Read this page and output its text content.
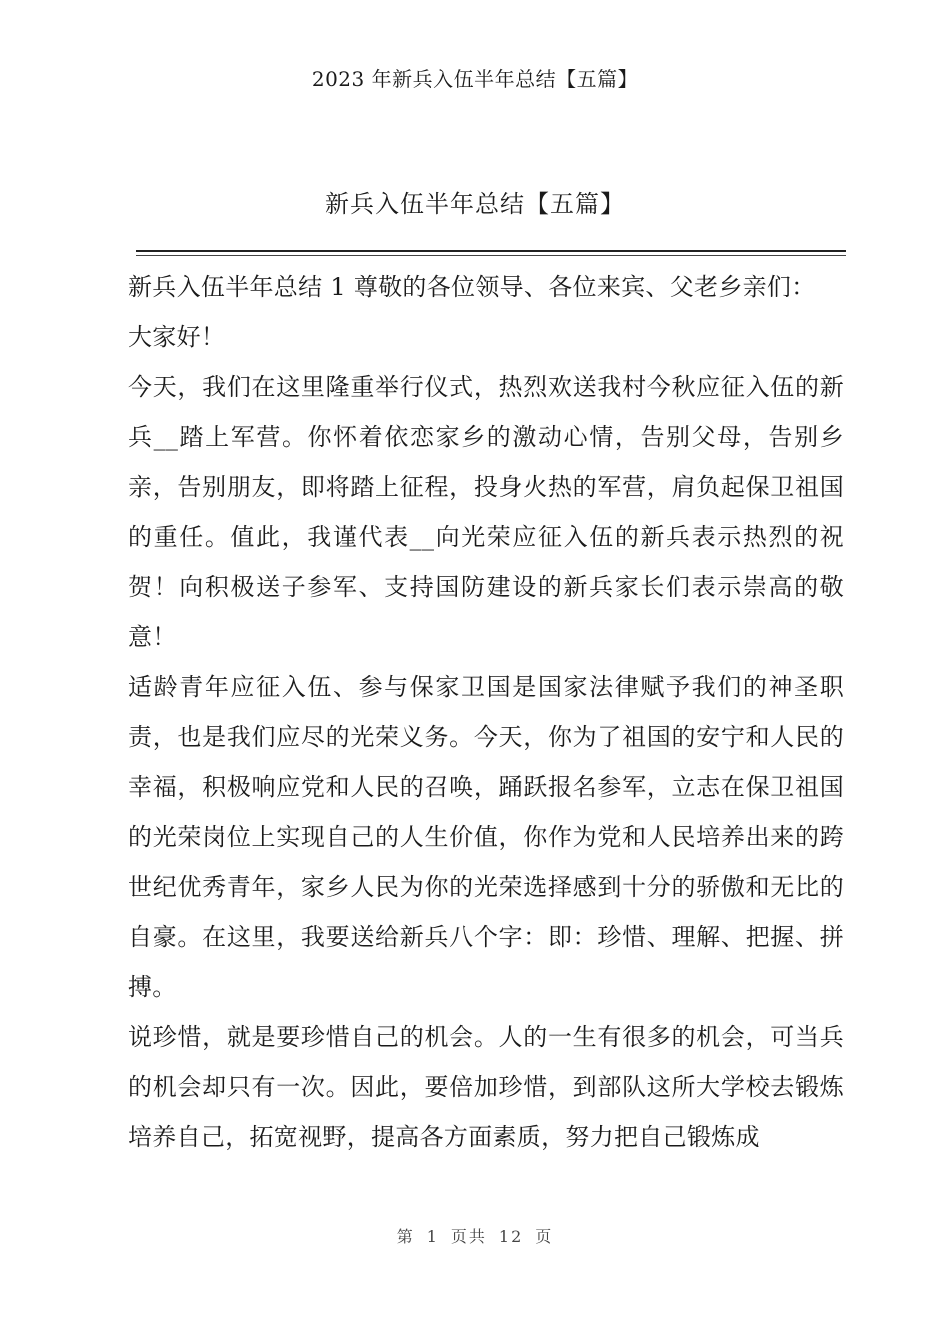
2023 年新兵入伍半年总结【五篇】
新兵入伍半年总结【五篇】

新兵入伍半年总结 1 尊敬的各位领导、各位来宾、父老乡亲们：

大家好！

今天，我们在这里隆重举行仪式，热烈欢送我村今秋应征入伍的新兵__踏上军营。你怀着依恋家乡的激动心情，告别父母，告别乡亲，告别朋友，即将踏上征程，投身火热的军营，肩负起保卫祖国的重任。值此，我谨代表__向光荣应征入伍的新兵表示热烈的祝贺！向积极送子参军、支持国防建设的新兵家长们表示崇高的敬意！

适龄青年应征入伍、参与保家卫国是国家法律赋予我们的神圣职责，也是我们应尽的光荣义务。今天，你为了祖国的安宁和人民的幸福，积极响应党和人民的召唤，踊跃报名参军，立志在保卫祖国的光荣岗位上实现自己的人生价值，你作为党和人民培养出来的跨世纪优秀青年，家乡人民为你的光荣选择感到十分的骄傲和无比的自豪。在这里，我要送给新兵八个字：即：珍惜、理解、把握、拼搏。

说珍惜，就是要珍惜自己的机会。人的一生有很多的机会，可当兵的机会却只有一次。因此，要倍加珍惜，到部队这所大学校去锻炼培养自己，拓宽视野，提高各方面素质，努力把自己锻炼成

第 1 页共 12 页
